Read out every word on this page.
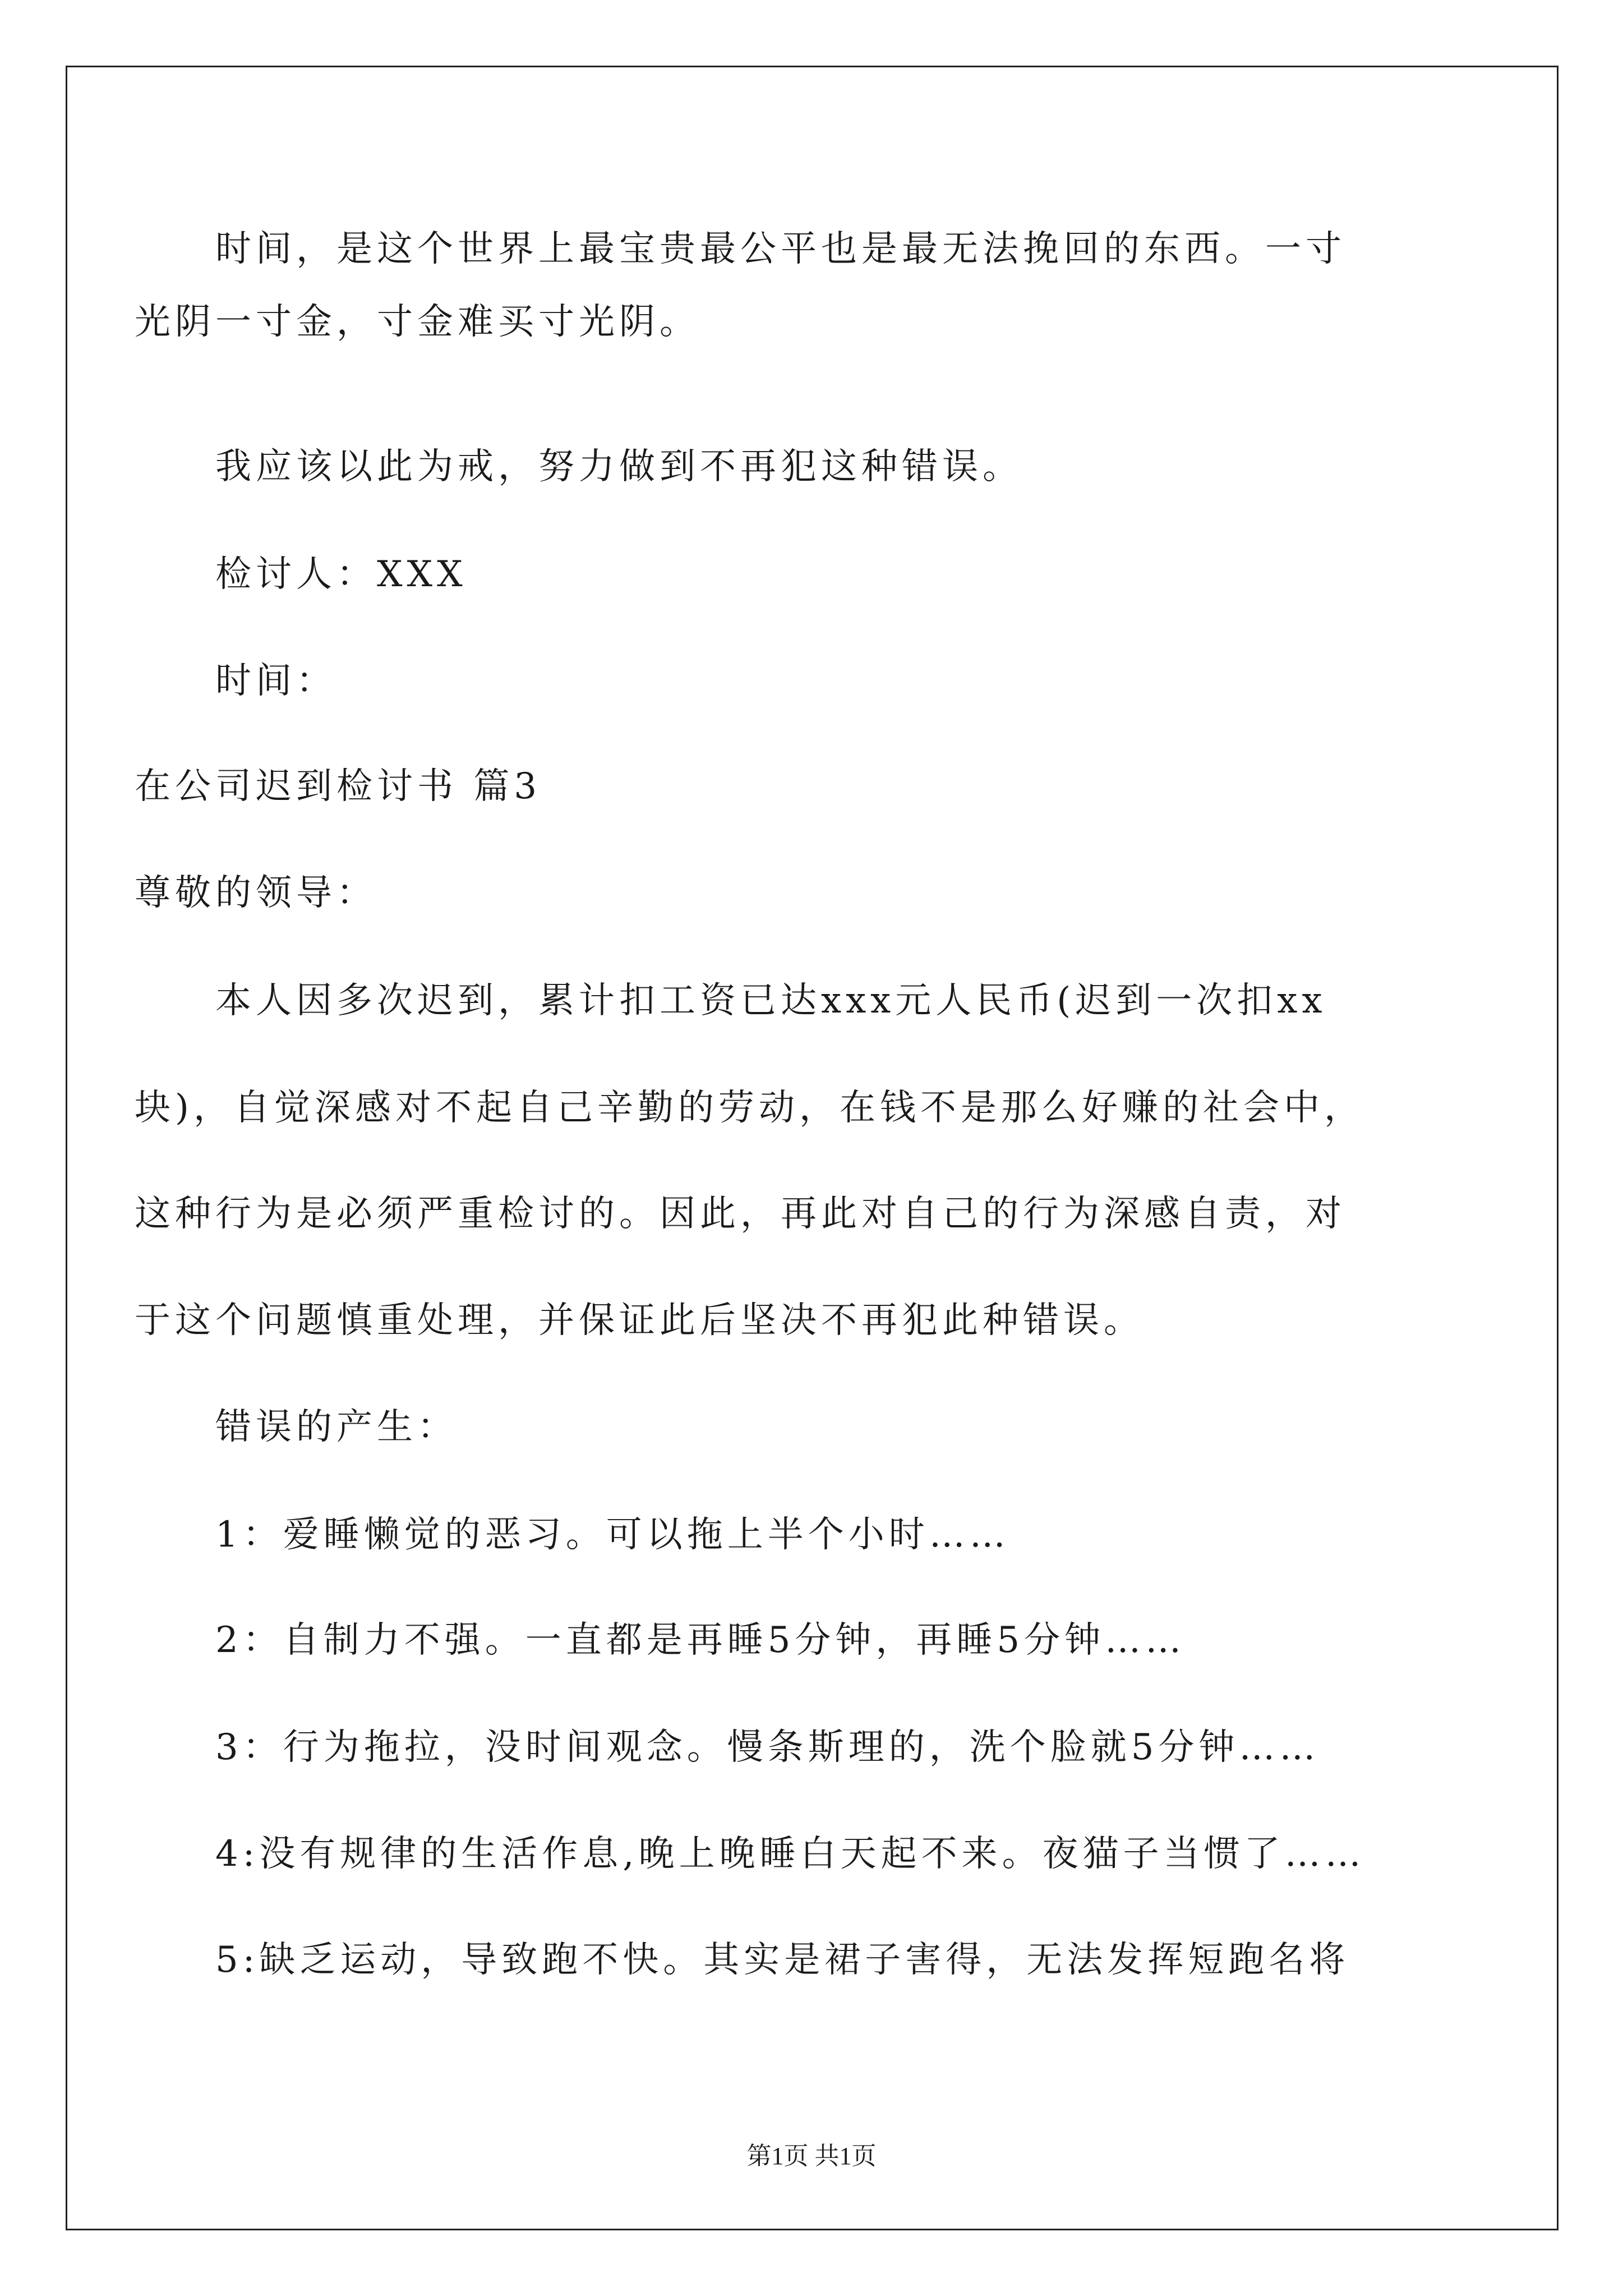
时间，是这个世界上最宝贵最公平也是最无法挽回的东西。一寸
光阴一寸金，寸金难买寸光阴。
我应该以此为戒，努力做到不再犯这种错误。
检讨人：XXX
时间：
在公司迟到检讨书 篇3
尊敬的领导：
本人因多次迟到，累计扣工资已达xxx元人民币(迟到一次扣xx
块)，自觉深感对不起自己辛勤的劳动，在钱不是那么好赚的社会中，
这种行为是必须严重检讨的。因此，再此对自己的行为深感自责，对
于这个问题慎重处理，并保证此后坚决不再犯此种错误。
错误的产生：
1：爱睡懒觉的恶习。可以拖上半个小时……
2：自制力不强。一直都是再睡5分钟，再睡5分钟……
3：行为拖拉，没时间观念。慢条斯理的，洗个脸就5分钟……
4:没有规律的生活作息,晚上晚睡白天起不来。夜猫子当惯了……
5:缺乏运动，导致跑不快。其实是裙子害得，无法发挥短跑名将
第1页 共1页
